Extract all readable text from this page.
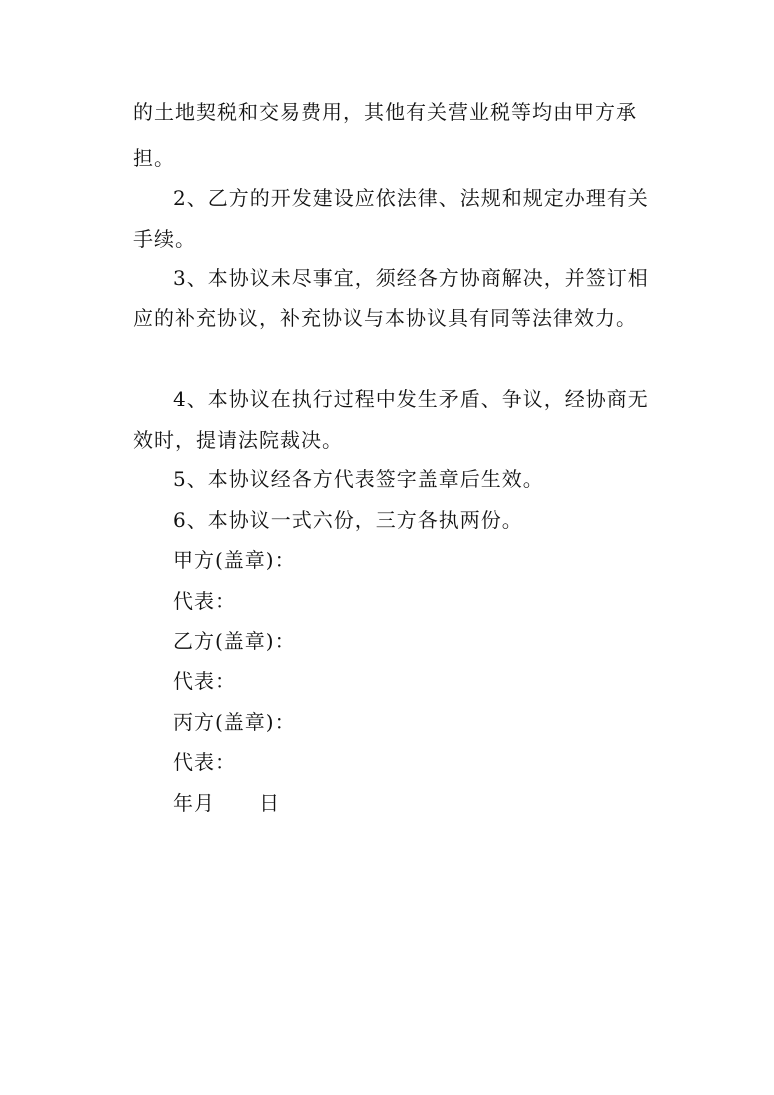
的土地契税和交易费用，其他有关营业税等均由甲方承
担。
2、乙方的开发建设应依法律、法规和规定办理有关
手续。
3、本协议未尽事宜，须经各方协商解决，并签订相
应的补充协议，补充协议与本协议具有同等法律效力。
4、本协议在执行过程中发生矛盾、争议，经协商无
效时，提请法院裁决。
5、本协议经各方代表签字盖章后生效。
6、本协议一式六份，三方各执两份。
甲方(盖章)：
代表：
乙方(盖章)：
代表：
丙方(盖章)：
代表：
年月      日
